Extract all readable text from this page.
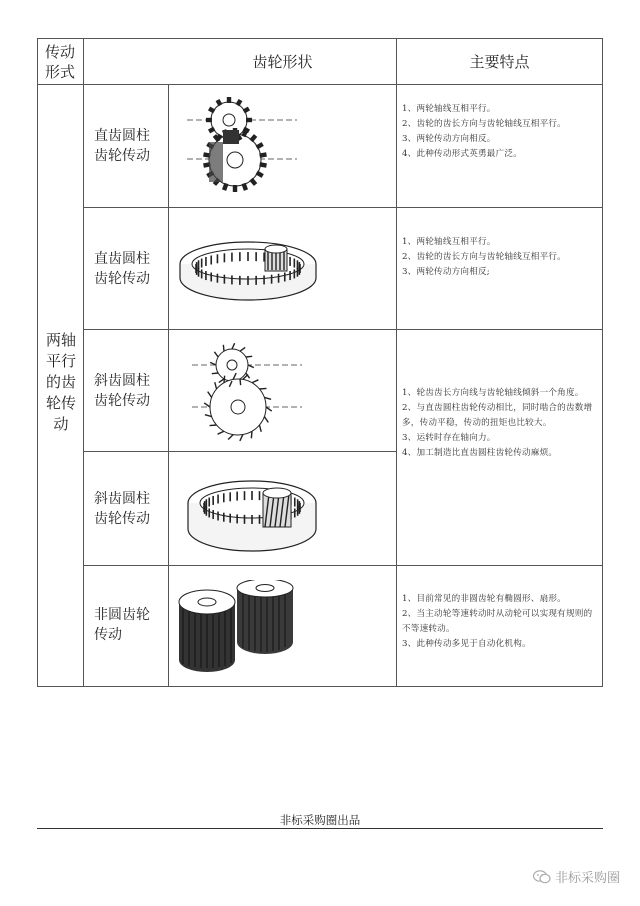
传动形式
齿轮形状	主要特点
两轴平行的齿轮传动
直齿圆柱齿轮传动
直齿圆柱齿轮传动
斜齿圆柱齿轮传动
斜齿圆柱齿轮传动
非圆齿轮传动
1、两轮轴线互相平行。
2、齿轮的齿长方向与齿轮轴线互相平行。
3、两轮传动方向相反。
4、此种传动形式英勇最广泛。
1、两轮轴线互相平行。
2、齿轮的齿长方向与齿轮轴线互相平行。
3、两轮传动方向相反;
1、轮齿齿长方向线与齿轮轴线倾斜一个角度。
2、与直齿圆柱齿轮传动相比，同时啮合的齿数增多，传动平稳，传动的扭矩也比较大。
3、运转时存在轴向力。
4、加工制造比直齿圆柱齿轮传动麻烦。
1、目前常见的非圆齿轮有椭圆形、扇形。
2、当主动轮等速转动时从动轮可以实现有规则的不等速转动。
3、此种传动多见于自动化机构。
非标采购圈出品
非标采购圈
